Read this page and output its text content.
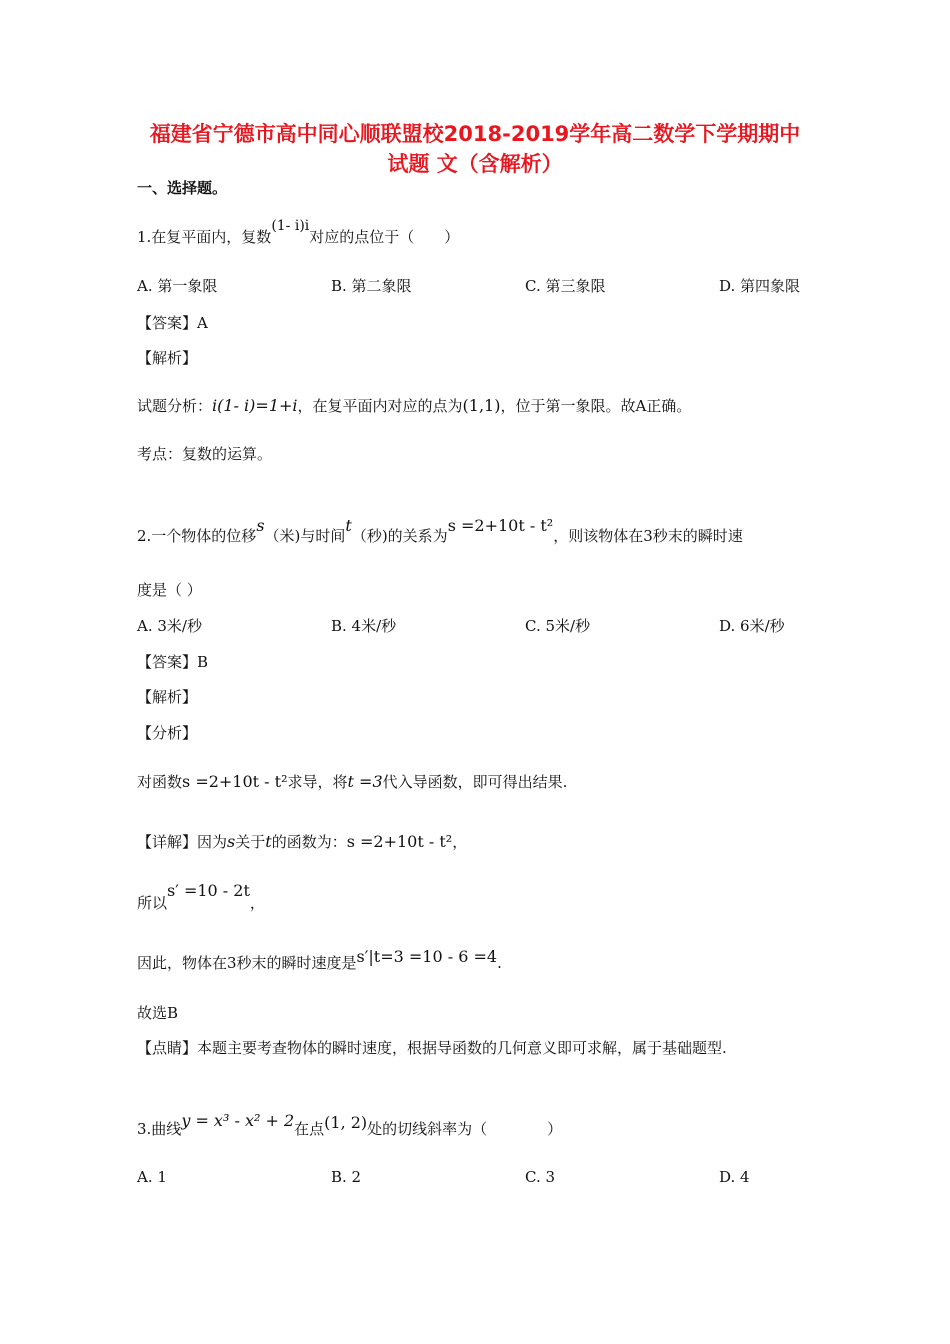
福建省宁德市高中同心顺联盟校2018-2019学年高二数学下学期期中
试题 文（含解析）
一、选择题。
1.在复平面内，复数(1- i)i对应的点位于（　　）
A. 第一象限	B. 第二象限	C. 第三象限	D. 第四象限
【答案】A
【解析】
试题分析：i(1- i)=1+i，在复平面内对应的点为(1,1)，位于第一象限。故A正确。
考点：复数的运算。
2.一个物体的位移s（米)与时间t（秒)的关系为s =2+10t - t²，则该物体在3秒末的瞬时速
度是（ ）
A. 3米/秒	B. 4米/秒	C. 5米/秒	D. 6米/秒
【答案】B
【解析】
【分析】
对函数s =2+10t - t²求导，将t =3代入导函数，即可得出结果.
【详解】因为s关于t的函数为：s =2+10t - t²，
所以s′ =10 - 2t，
因此，物体在3秒末的瞬时速度是s′|t=3 =10 - 6 =4.
故选B
【点睛】本题主要考查物体的瞬时速度，根据导函数的几何意义即可求解，属于基础题型.
3.曲线y = x³ - x² + 2在点(1, 2)处的切线斜率为（　　　　）
A. 1	B. 2	C. 3	D. 4
